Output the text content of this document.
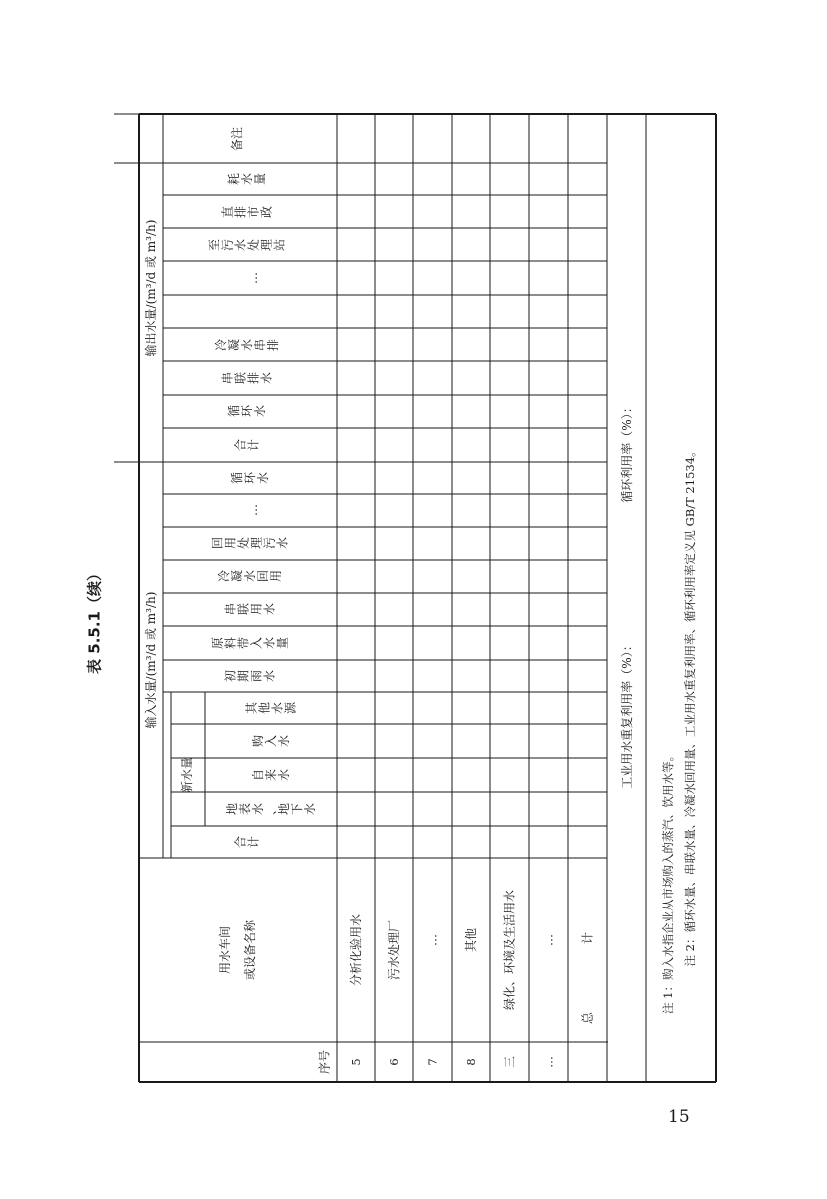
表 5.5.1（续）
序号
用水车间 或设备名称
输入水量/(m³/d 或 m³/h)
输出水量/(m³/d 或 m³/h)
合 计
新水量
地 表 水 、 地 下 水
自 来 水
购 入 水
其 他 水 源
初 期 雨 水
原 料 带 入 水 量
串 联 用 水
冷 凝 水 回 用
回 用 处 理 污 水
…
循 环 水
合 计
循 环 水
串 联 排 水
冷 凝 水 串 排
…
至 污 水 处 理 站
直 排 市 政
耗 水 量
备注
5
分析化验用水
6
污水处理厂
7
…
8
其他
三
绿化、环境及生活用水
…
…
总
计
工业用水重复利用率（%）：
循环利用率（%）：
注 1：购入水指企业从市场购入的蒸汽、饮用水等。 注 2：循环水量、串联水量、冷凝水回用量、工业用水重复利用率、循环利用率定义见 GB/T 21534。
15
